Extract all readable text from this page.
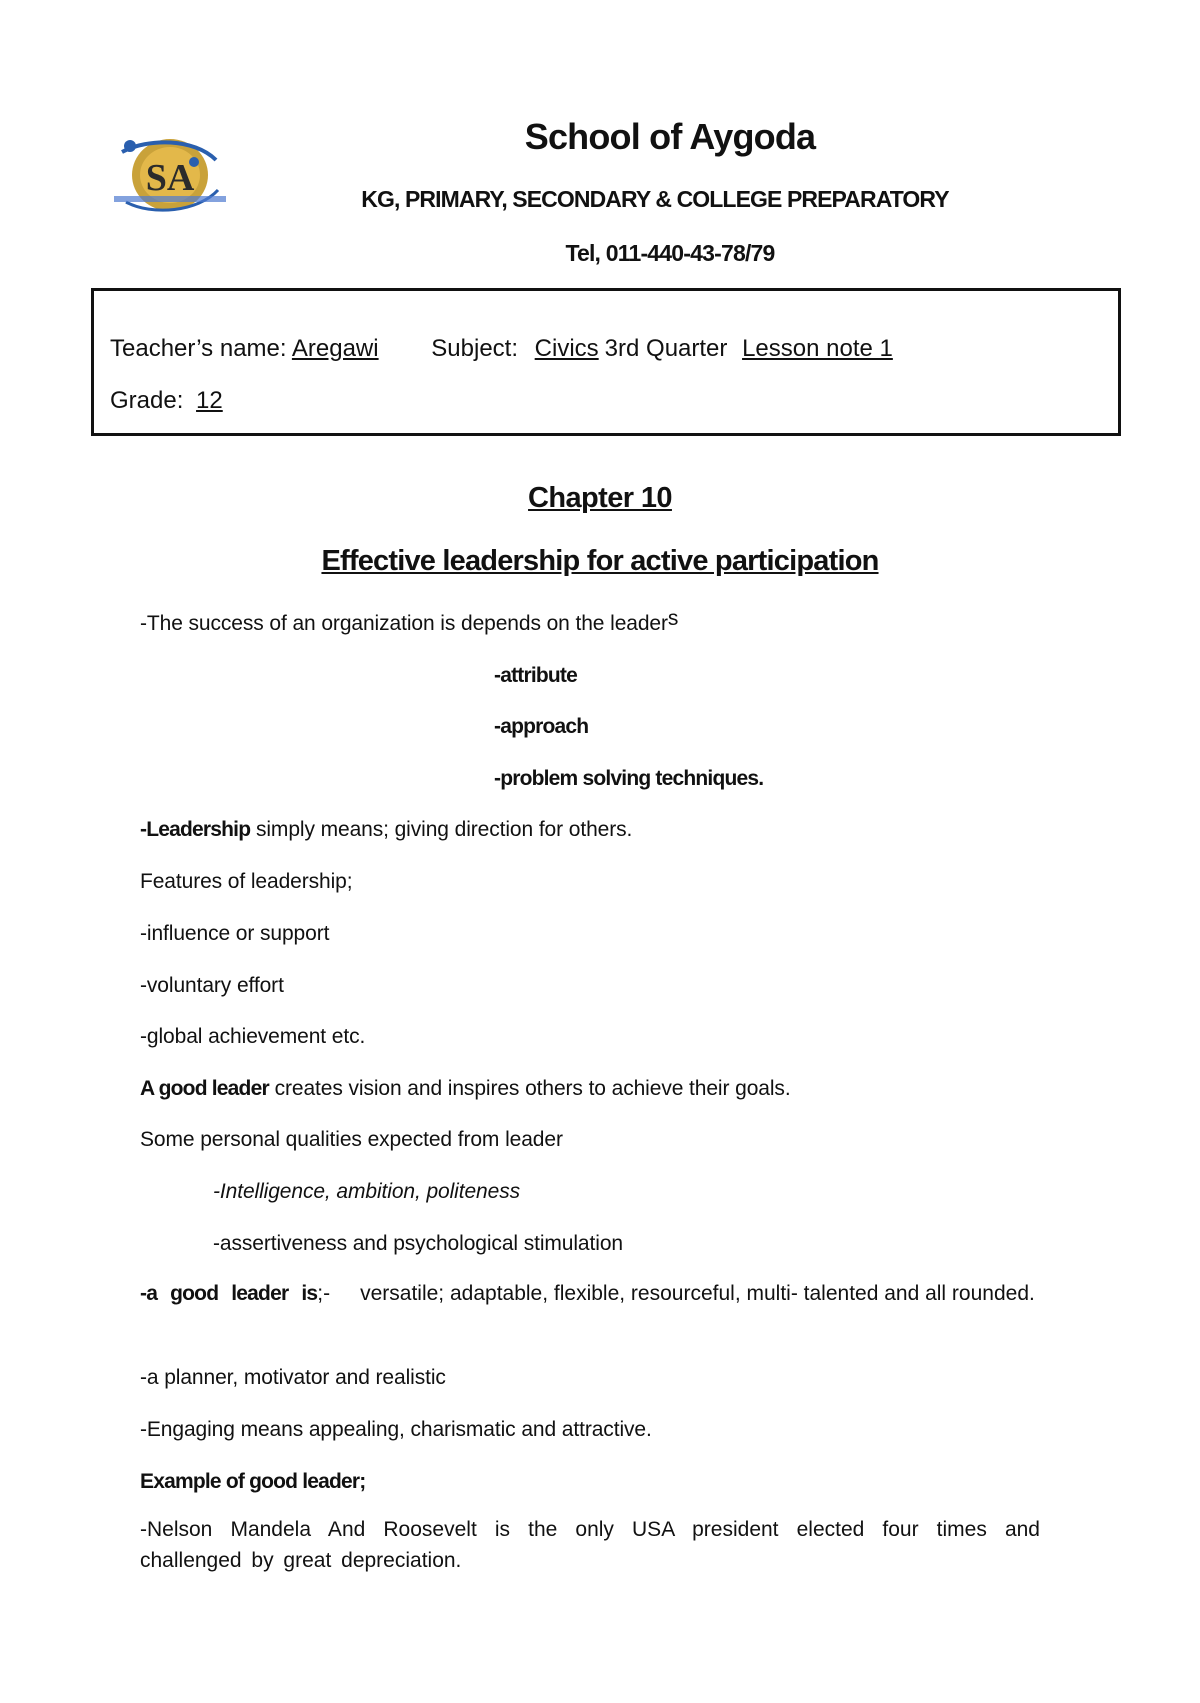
SA
School of Aygoda
KG, PRIMARY, SECONDARY & COLLEGE PREPARATORY
Tel, 011-440-43-78/79
Teacher’s name: Aregawi Subject: Civics 3rd Quarter Lesson note 1
Grade: 12
Chapter 10
Effective leadership for active participation
-The success of an organization is depends on the leaders
-attribute
-approach
-problem solving techniques.
-Leadership simply means; giving direction for others.
Features of leadership;
-influence or support
-voluntary effort
-global achievement etc.
A good leader creates vision and inspires others to achieve their goals.
Some personal qualities expected from leader
-Intelligence, ambition, politeness
-assertiveness and psychological stimulation
-a good leader is;- versatile; adaptable, flexible, resourceful, multi- talented and all rounded.
-a planner, motivator and realistic
-Engaging means appealing, charismatic and attractive.
Example of good leader;
-Nelson Mandela And Roosevelt is the only USA president elected four times and challenged by great depreciation.
